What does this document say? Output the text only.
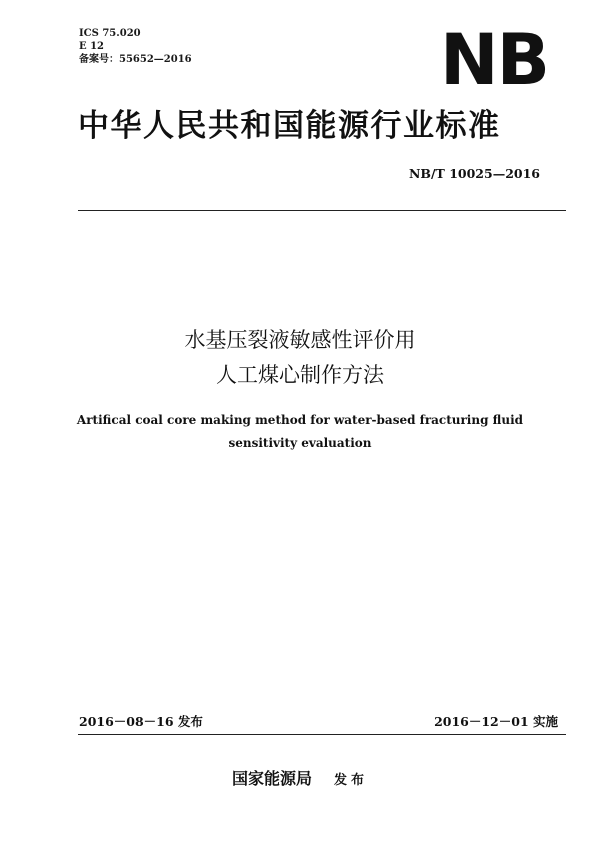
ICS 75.020
E 12
备案号：55652—2016	NB
中华人民共和国能源行业标准
NB/T 10025—2016
水基压裂液敏感性评价用
人工煤心制作方法
Artifical coal core making method for water-based fracturing fluid
sensitivity evaluation
2016－08－16 发布	2016－12－01 实施
国家能源局 发布
